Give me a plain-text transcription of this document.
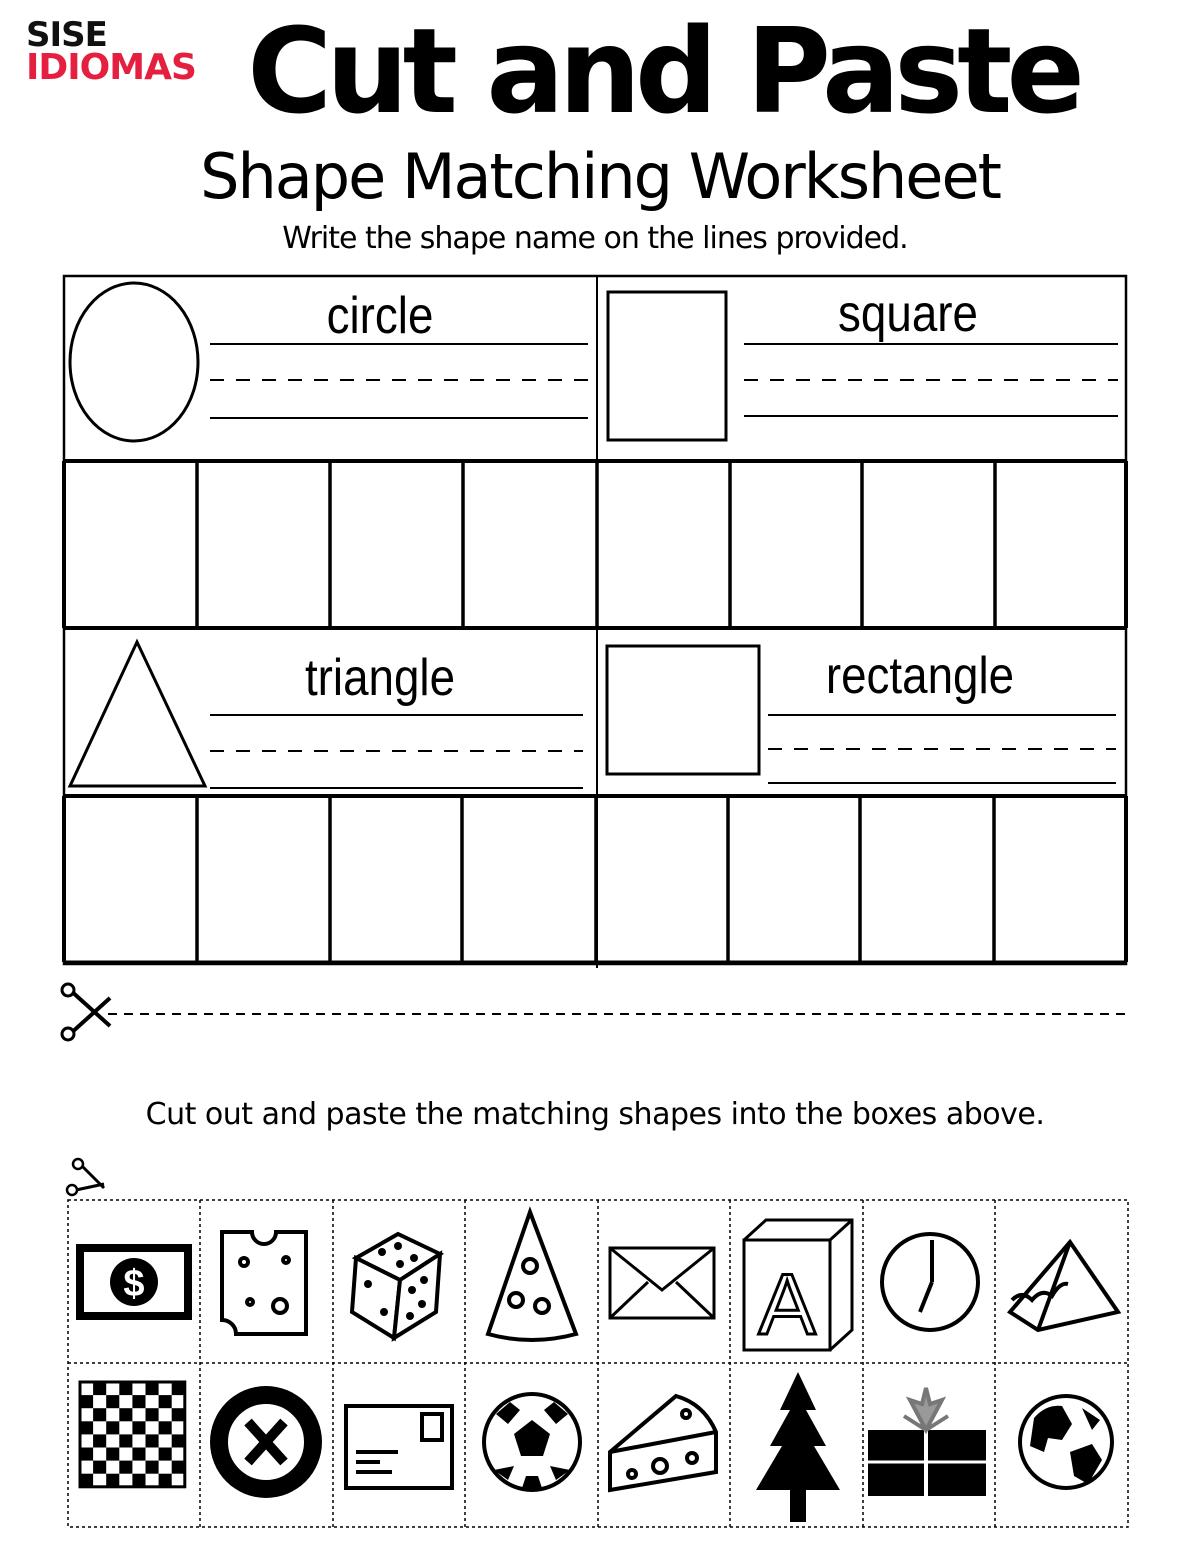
SISE
IDIOMAS Cut and Paste
Shape Matching Worksheet
Write the shape name on the lines provided.
$	A
circle	square
triangle	rectangle
Cut out and paste the matching shapes into the boxes above.
